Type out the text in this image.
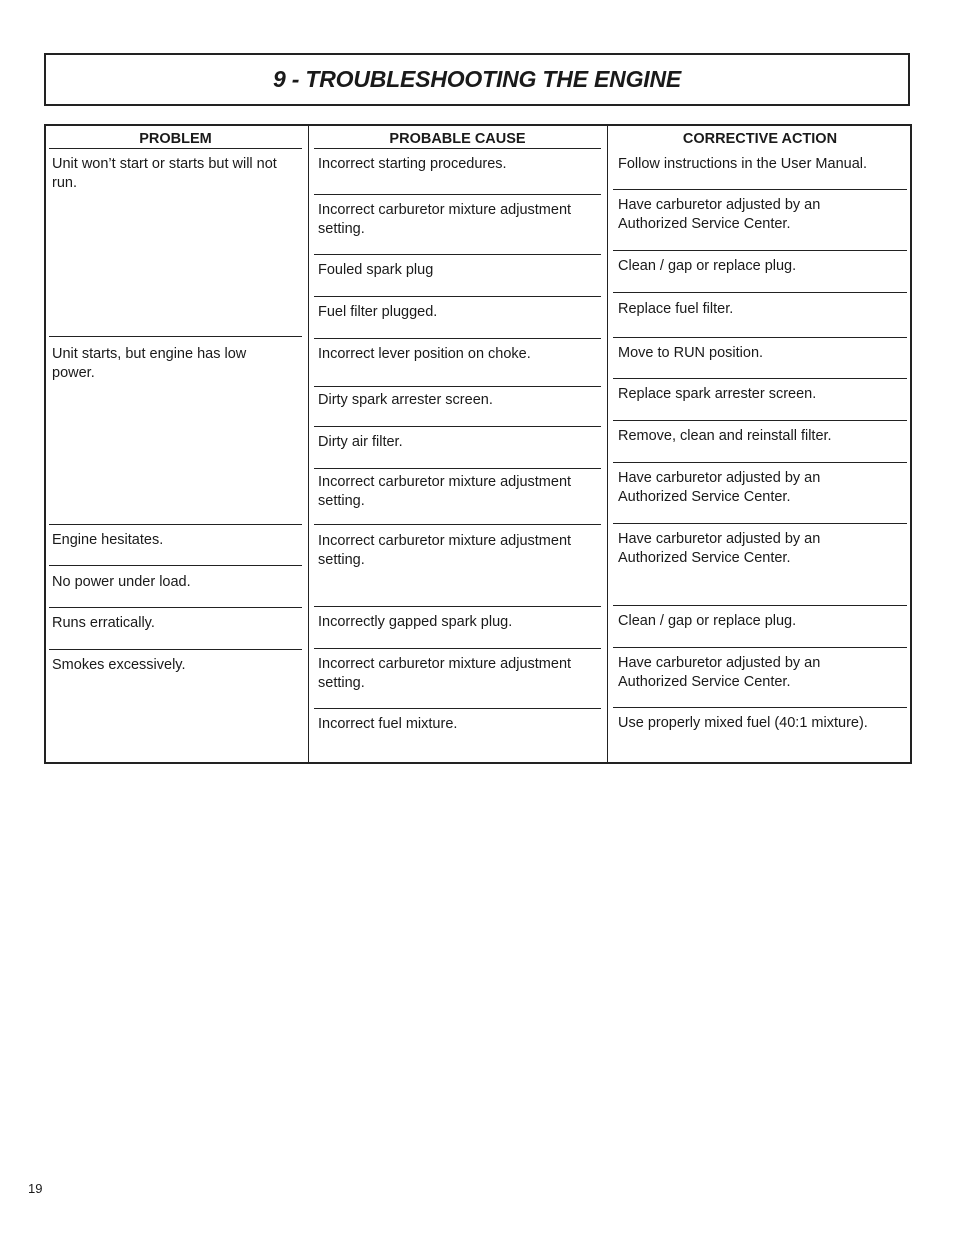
9 - TROUBLESHOOTING THE ENGINE
PROBLEM	PROBABLE CAUSE	CORRECTIVE ACTION
Unit won’t start or starts but will not run.
Unit starts, but engine has low power.
Engine hesitates.
No power under load.
Runs erratically.
Smokes excessively.
Incorrect starting procedures.
Incorrect carburetor mixture adjustment setting.
Fouled spark plug
Fuel filter plugged.
Incorrect lever position on choke.
Dirty spark arrester screen.
Dirty air filter.
Incorrect carburetor mixture adjustment setting.
Incorrect carburetor mixture adjustment setting.
Incorrectly gapped spark plug.
Incorrect carburetor mixture adjustment setting.
Incorrect fuel mixture.
Follow instructions in the User Manual.
Have carburetor adjusted by an Authorized Service Center.
Clean / gap or replace plug.
Replace fuel filter.
Move to RUN position.
Replace spark arrester screen.
Remove, clean and reinstall filter.
Have carburetor adjusted by an Authorized Service Center.
Have carburetor adjusted by an Authorized Service Center.
Clean / gap or replace plug.
Have carburetor adjusted by an Authorized Service Center.
Use properly mixed fuel (40:1 mixture).
19
